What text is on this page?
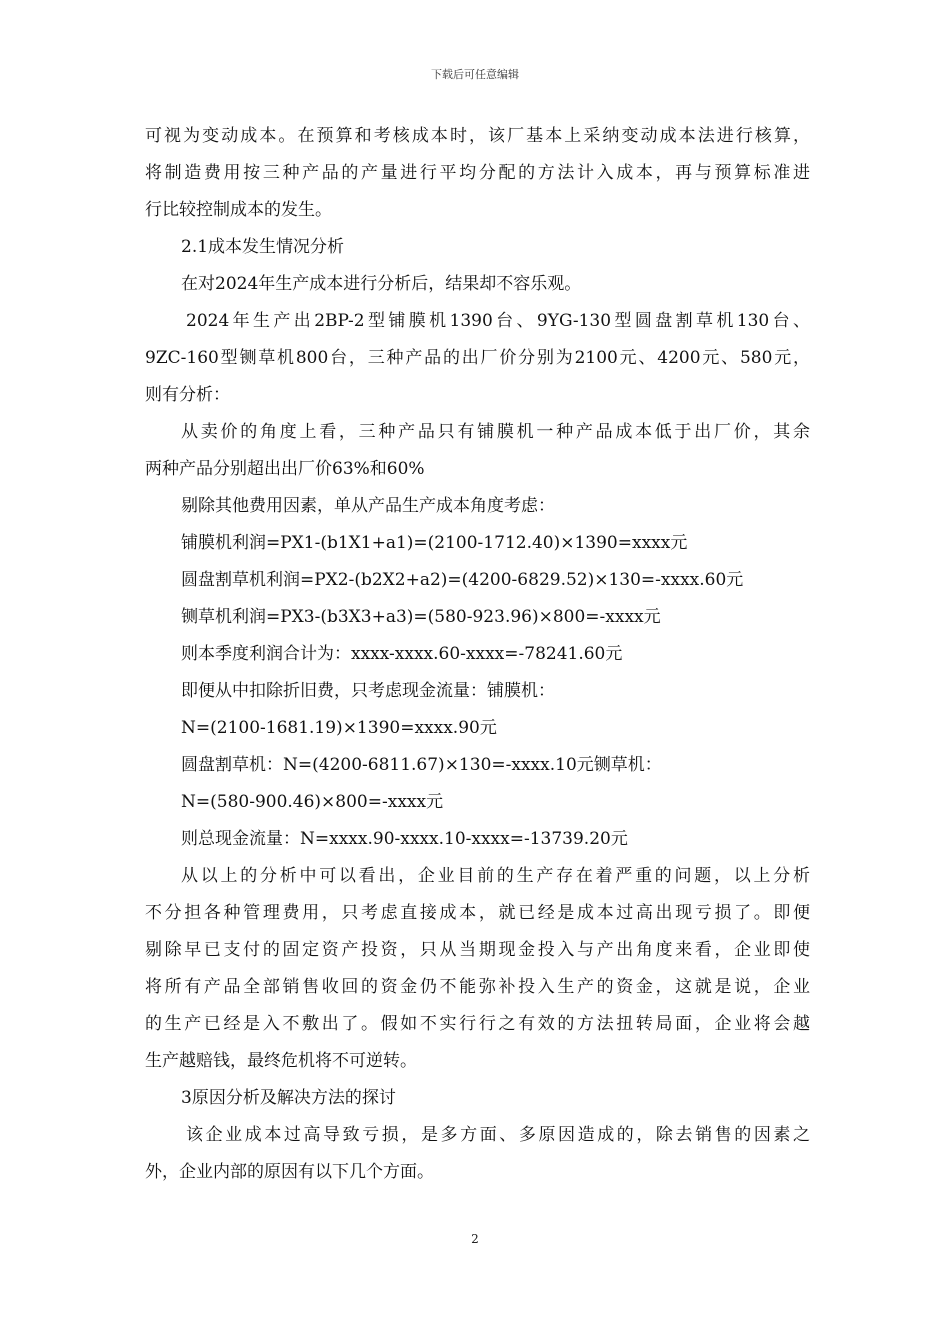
下载后可任意编辑
可视为变动成本。在预算和考核成本时，该厂基本上采纳变动成本法进行核算，
将制造费用按三种产品的产量进行平均分配的方法计入成本，再与预算标准进
行比较控制成本的发生。
2.1成本发生情况分析
在对2024年生产成本进行分析后，结果却不容乐观。
2024年生产出2BP-2型铺膜机1390台、9YG-130型圆盘割草机130台、
9ZC-160型铡草机800台，三种产品的出厂价分别为2100元、4200元、580元，
则有分析：
从卖价的角度上看，三种产品只有铺膜机一种产品成本低于出厂价，其余
两种产品分别超出出厂价63%和60%
剔除其他费用因素，单从产品生产成本角度考虑：
铺膜机利润=PX1-(b1X1+a1)=(2100-1712.40)×1390=xxxx元
圆盘割草机利润=PX2-(b2X2+a2)=(4200-6829.52)×130=-xxxx.60元
铡草机利润=PX3-(b3X3+a3)=(580-923.96)×800=-xxxx元
则本季度利润合计为：xxxx-xxxx.60-xxxx=-78241.60元
即便从中扣除折旧费，只考虑现金流量：铺膜机：
N=(2100-1681.19)×1390=xxxx.90元
圆盘割草机：N=(4200-6811.67)×130=-xxxx.10元铡草机：
N=(580-900.46)×800=-xxxx元
则总现金流量：N=xxxx.90-xxxx.10-xxxx=-13739.20元
从以上的分析中可以看出，企业目前的生产存在着严重的问题，以上分析
不分担各种管理费用，只考虑直接成本，就已经是成本过高出现亏损了。即便
剔除早已支付的固定资产投资，只从当期现金投入与产出角度来看，企业即使
将所有产品全部销售收回的资金仍不能弥补投入生产的资金，这就是说，企业
的生产已经是入不敷出了。假如不实行行之有效的方法扭转局面，企业将会越
生产越赔钱，最终危机将不可逆转。
3原因分析及解决方法的探讨
该企业成本过高导致亏损，是多方面、多原因造成的，除去销售的因素之
外，企业内部的原因有以下几个方面。
2
